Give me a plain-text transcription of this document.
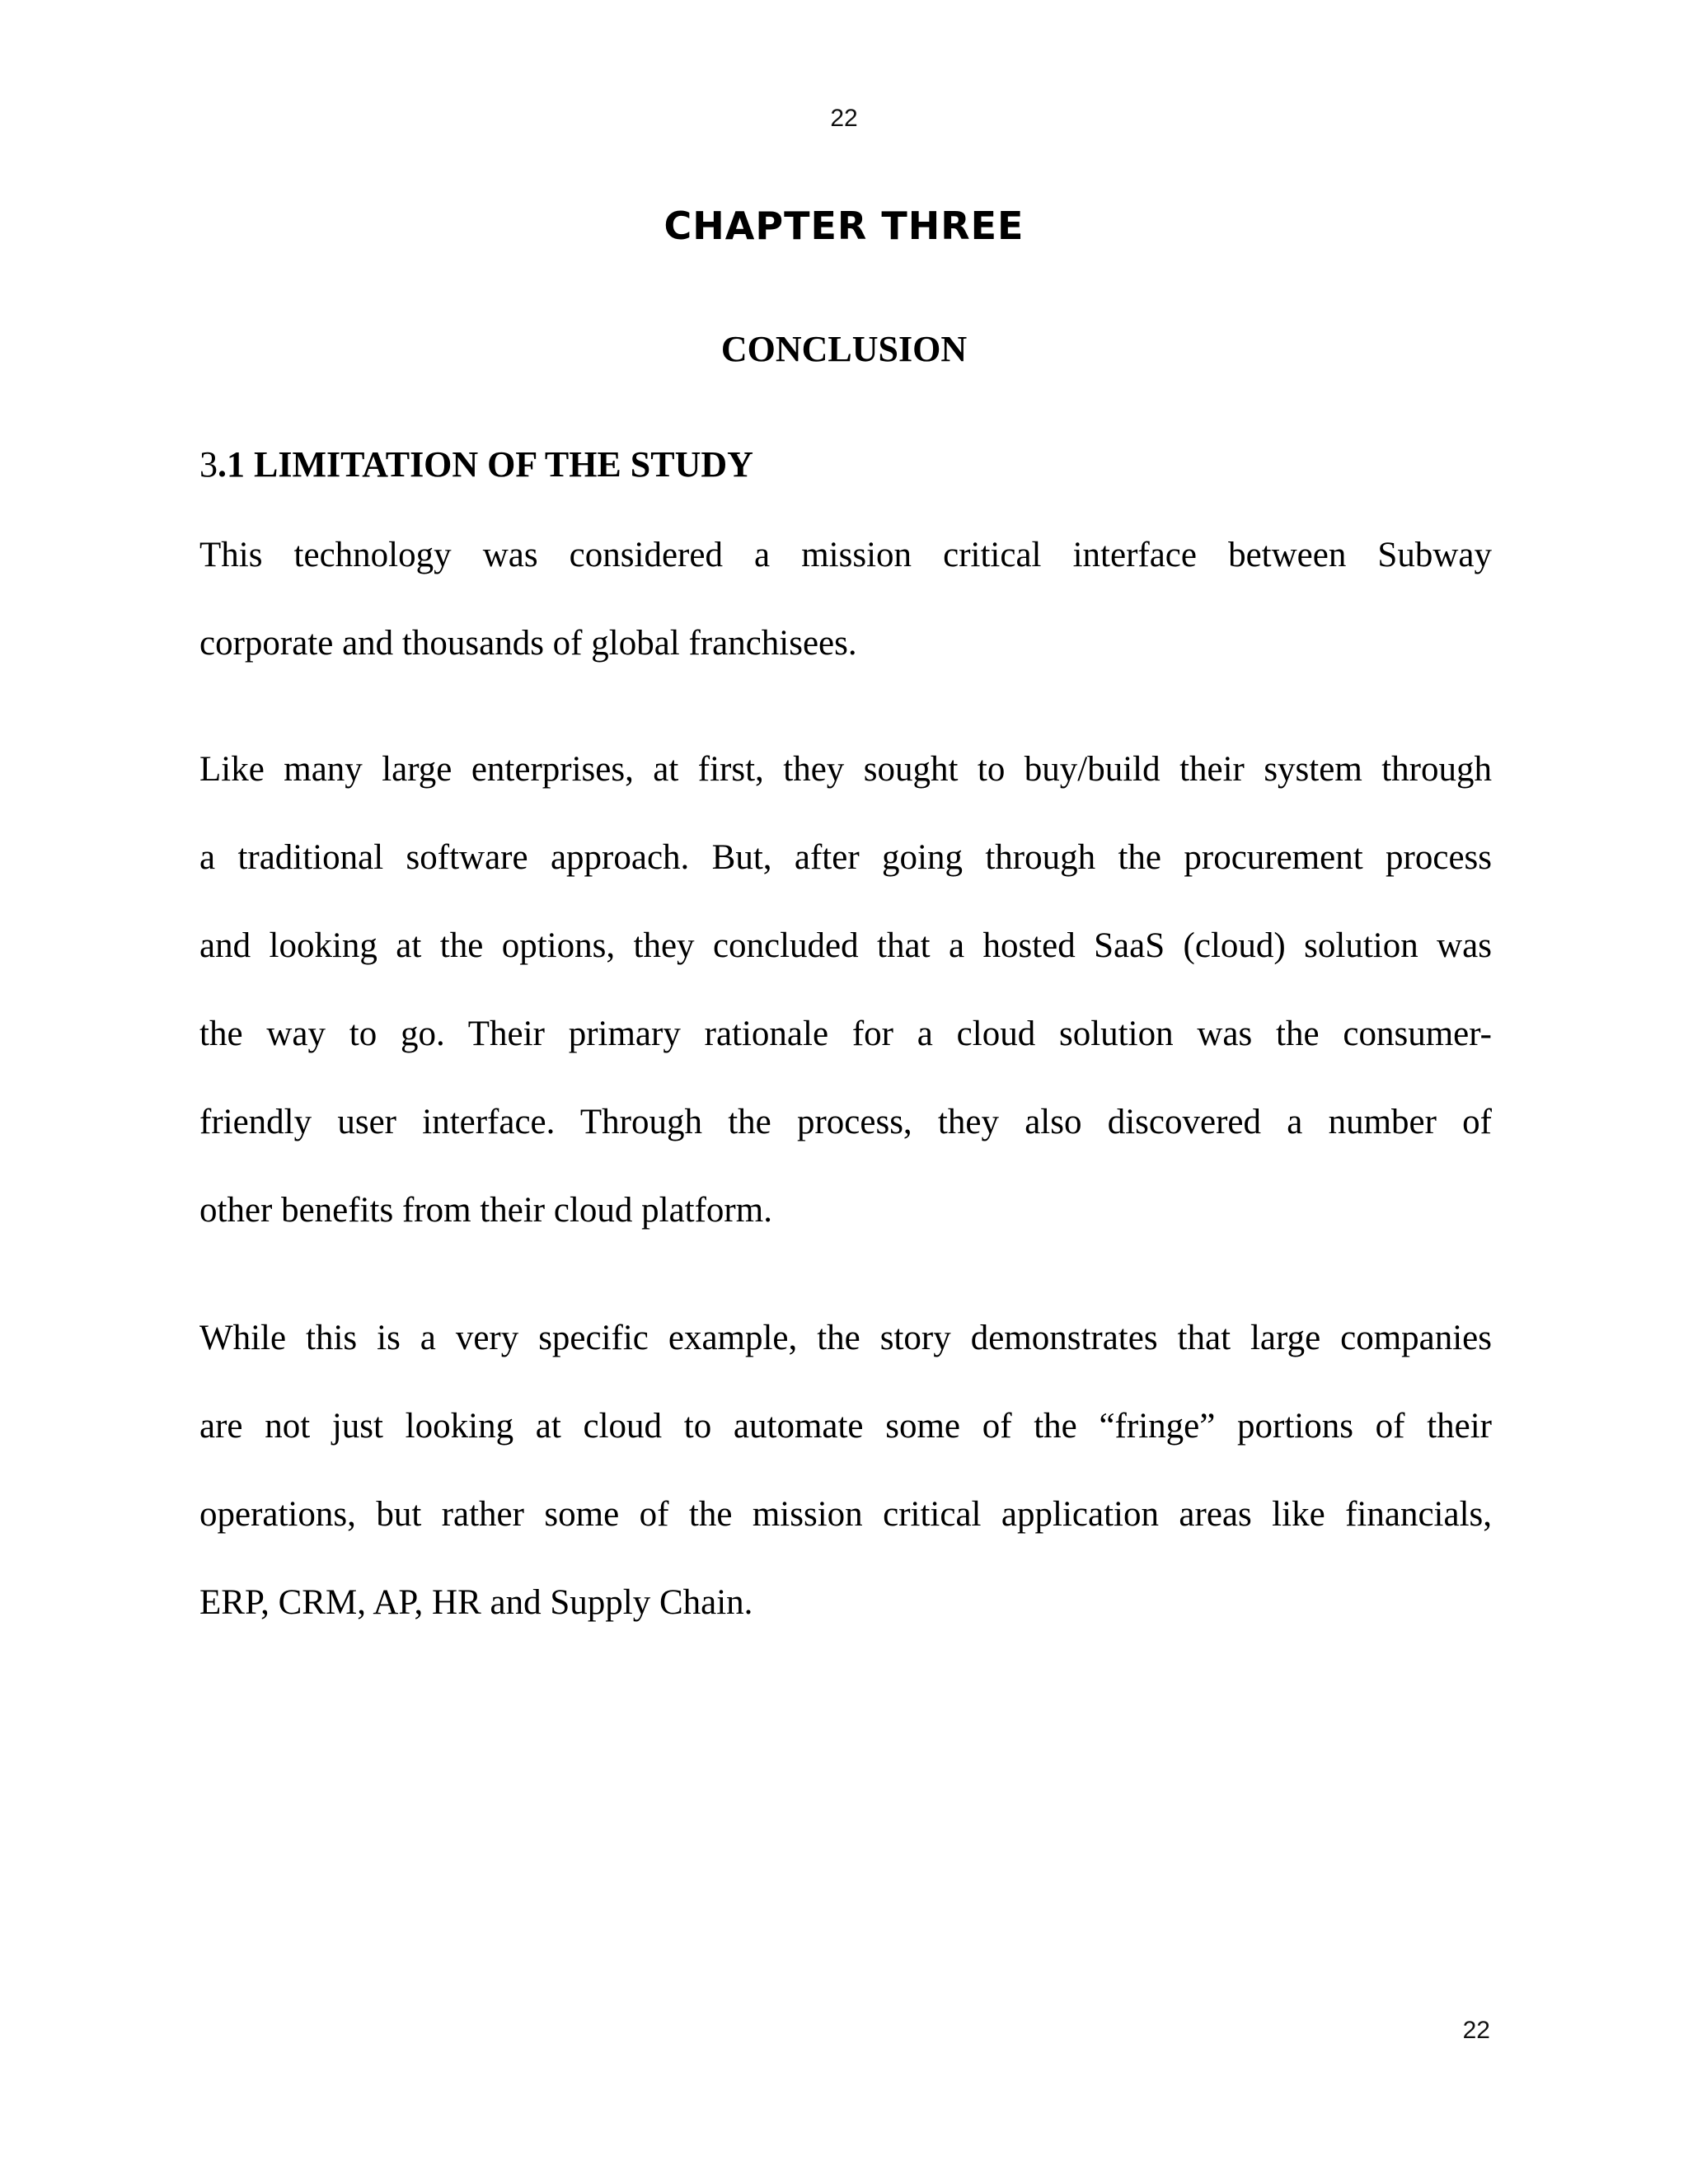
22
CHAPTER THREE
CONCLUSION
3.1 LIMITATION OF THE STUDY
This technology was considered a mission critical interface between Subway
corporate and thousands of global franchisees.
Like many large enterprises, at first, they sought to buy/build their system through
a traditional software approach. But, after going through the procurement process
and looking at the options, they concluded that a hosted SaaS (cloud) solution was
the way to go. Their primary rationale for a cloud solution was the consumer-
friendly user interface. Through the process, they also discovered a number of
other benefits from their cloud platform.
While this is a very specific example, the story demonstrates that large companies
are not just looking at cloud to automate some of the “fringe” portions of their
operations, but rather some of the mission critical application areas like financials,
ERP, CRM, AP, HR and Supply Chain.
22
